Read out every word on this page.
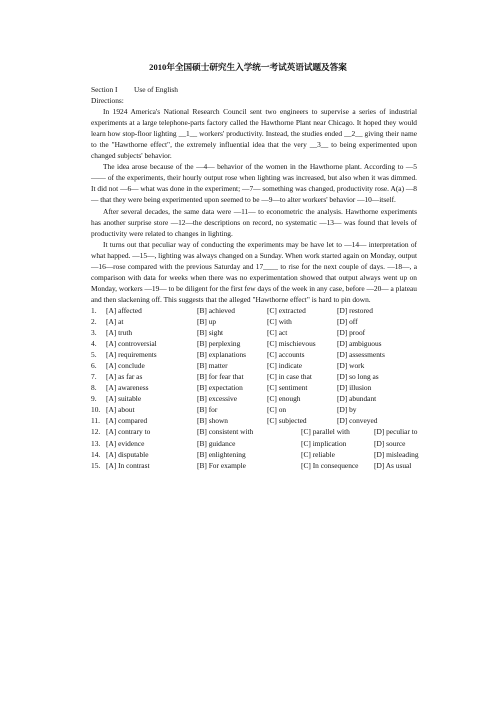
2010年全国硕士研究生入学统一考试英语试题及答案
Section I Use of English
Directions:

In 1924 America's National Research Council sent two engineers to supervise a series of industrial experiments at a large telephone-parts factory called the Hawthorne Plant near Chicago. It hoped they would learn how stop-floor lighting __1__ workers' productivity. Instead, the studies ended __2__ giving their name to the "Hawthorne effect", the extremely influential idea that the very __3__ to being experimented upon changed subjects' behavior.

The idea arose because of the —4— behavior of the women in the Hawthorne plant. According to —5—— of the experiments, their hourly output rose when lighting was increased, but also when it was dimmed. It did not —6— what was done in the experiment; —7— something was changed, productivity rose. A(a) —8— that they were being experimented upon seemed to be —9—to alter workers' behavior —10—itself.

After several decades, the same data were —11— to econometric the analysis. Hawthorne experiments has another surprise store —12—the descriptions on record, no systematic —13— was found that levels of productivity were related to changes in lighting.

It turns out that peculiar way of conducting the experiments may be have let to —14— interpretation of what happed. —15—, lighting was always changed on a Sunday. When work started again on Monday, output —16—rose compared with the previous Saturday and 17____ to rise for the next couple of days. —18—, a comparison with data for weeks when there was no experimentation showed that output always went up on Monday, workers —19— to be diligent for the first few days of the week in any case, before —20— a plateau and then slackening off. This suggests that the alleged "Hawthorne effect" is hard to pin down.

1.	[A] affected	[B] achieved	[C] extracted	[D] restored
2.	[A] at	[B] up	[C] with	[D] off
3.	[A] truth	[B] sight	[C] act	[D] proof
4.	[A] controversial	[B] perplexing	[C] mischievous	[D] ambiguous
5.	[A] requirements	[B] explanations	[C] accounts	[D] assessments
6.	[A] conclude	[B] matter	[C] indicate	[D] work
7.	[A] as far as	[B] for fear that	[C] in case that	[D] so long as
8.	[A] awareness	[B] expectation	[C] sentiment	[D] illusion
9.	[A] suitable	[B] excessive	[C] enough	[D] abundant
10.	[A] about	[B] for	[C] on	[D] by
11.	[A] compared	[B] shown	[C] subjected	[D] conveyed
12. [A] contrary to	[B] consistent with	[C] parallel with	[D] peculiar to
13. [A] evidence	[B] guidance	[C] implication	[D] source
14. [A] disputable	[B] enlightening	[C] reliable	[D] misleading
15. [A] In contrast	[B] For example	[C] In consequence [D] As usual
